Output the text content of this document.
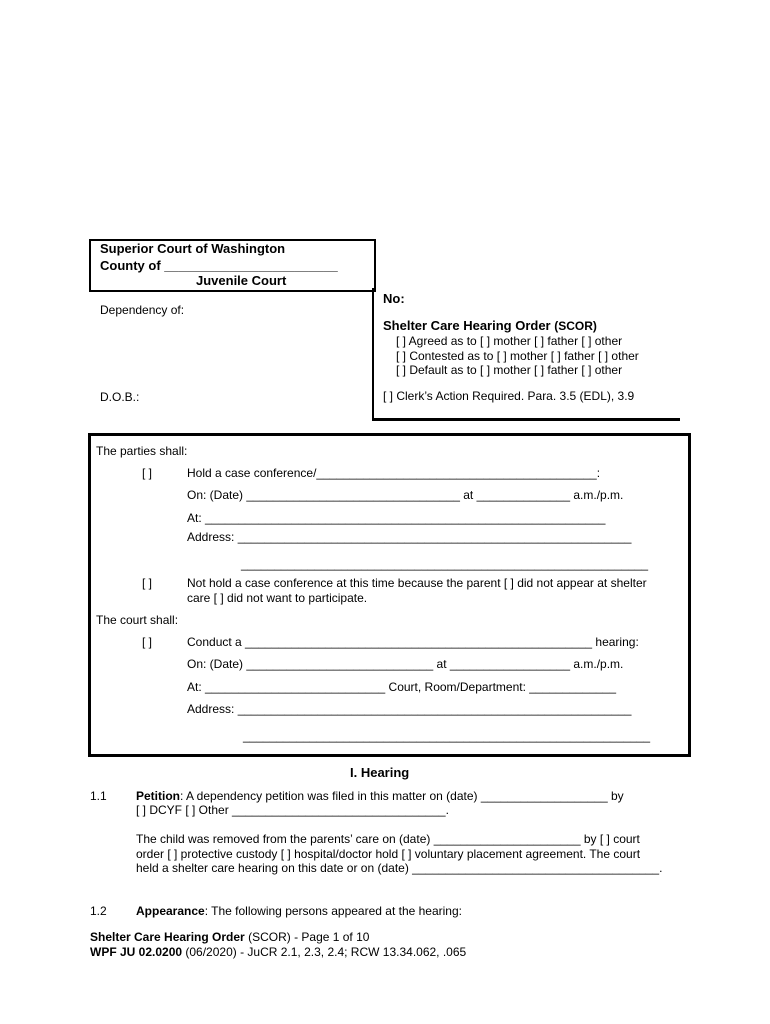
Superior Court of Washington
County of ________________________
Juvenile Court
Dependency of:
D.O.B.:
No:
Shelter Care Hearing Order (SCOR)
[ ] Agreed as to [ ] mother [ ] father [ ] other
[ ] Contested as to [ ] mother [ ] father [ ] other
[ ] Default as to [ ] mother [ ] father [ ] other
[ ] Clerk’s Action Required. Para. 3.5 (EDL), 3.9
The parties shall:
[ ]	Hold a case conference/__________________________________________:
On: (Date) ________________________________ at ______________ a.m./p.m.
At: ____________________________________________________________
Address: ___________________________________________________________
_____________________________________________________________
[ ]	Not hold a case conference at this time because the parent [ ] did not appear at shelter
care [ ] did not want to participate.
The court shall:
[ ]	Conduct a ____________________________________________________ hearing:
On: (Date) ____________________________ at __________________ a.m./p.m.
At: ___________________________ Court, Room/Department: _____________
Address: ___________________________________________________________
_____________________________________________________________
I. Hearing
1.1 Petition: A dependency petition was filed in this matter on (date) ___________________ by
[ ] DCYF [ ] Other ________________________________.
The child was removed from the parents’ care on (date) ______________________ by [ ] court
order [ ] protective custody [ ] hospital/doctor hold [ ] voluntary placement agreement. The court
held a shelter care hearing on this date or on (date) _____________________________________.
1.2 Appearance: The following persons appeared at the hearing:
Shelter Care Hearing Order (SCOR) - Page 1 of 10
WPF JU 02.0200 (06/2020) - JuCR 2.1, 2.3, 2.4; RCW 13.34.062, .065
